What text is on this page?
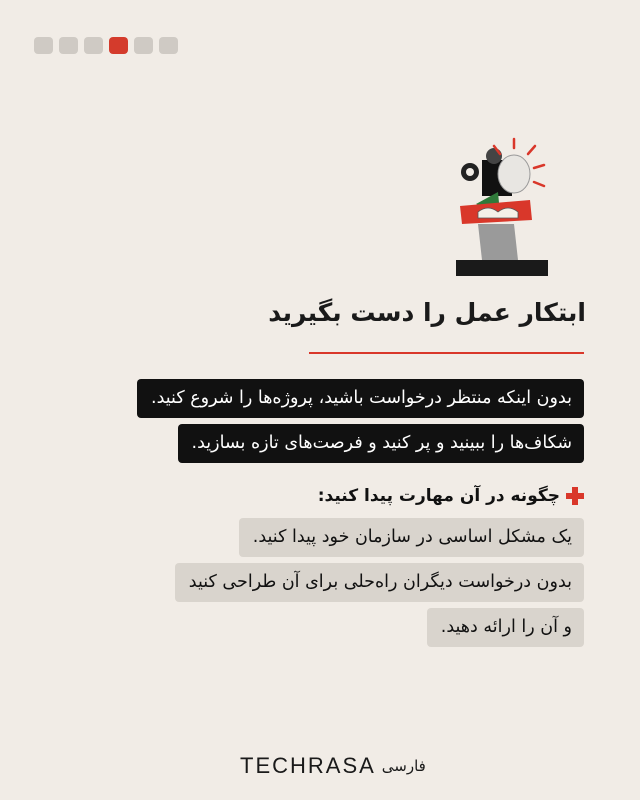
ابتکار عمل را دست بگیرید
بدون اینکه منتظر درخواست باشید، پروژه‌ها را شروع کنید.
شکاف‌ها را ببینید و پر کنید و فرصت‌های تازه بسازید.
چگونه در آن مهارت پیدا کنید:
یک مشکل اساسی در سازمان خود پیدا کنید.
بدون درخواست دیگران راه‌حلی برای آن طراحی کنید
و آن را ارائه دهید.
TECHRASA فارسی
